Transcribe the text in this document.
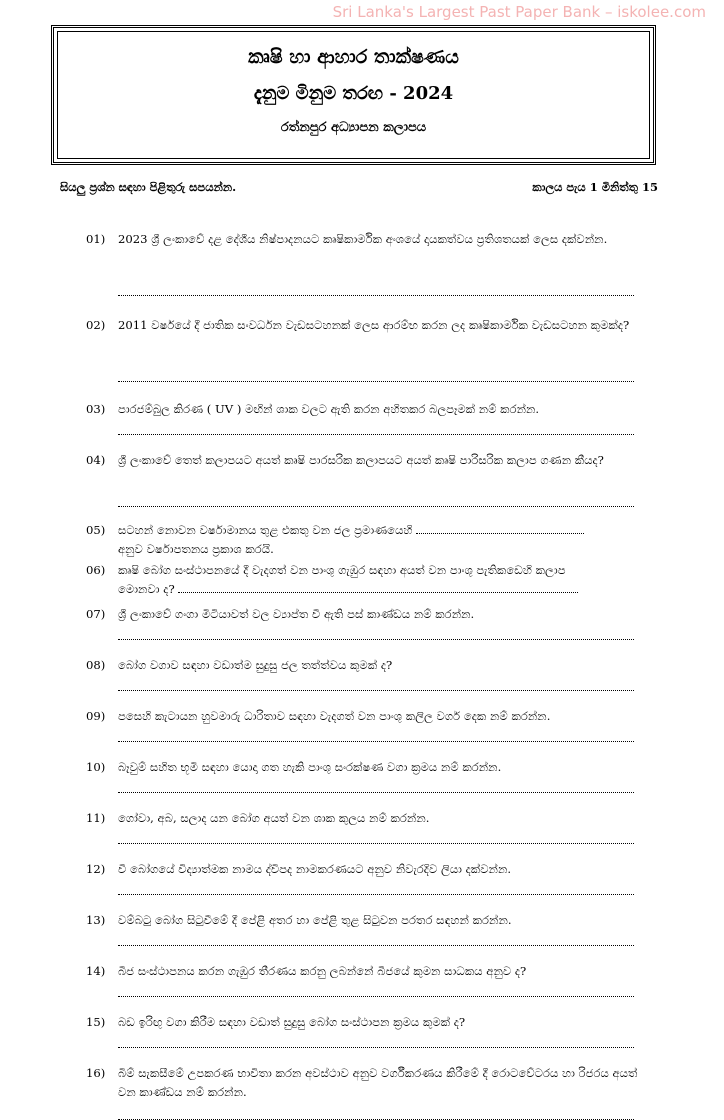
Sri Lanka's Largest Past Paper Bank – iskolee.com
කෘෂි හා ආහාර තාක්ෂණය
දැනුම මිනුම තරඟ - 2024
රත්නපුර අධ්‍යාපන කලාපය
සියලු ප්‍රශ්න සඳහා පිළිතුරු සපයන්න.	කාලය පැය 1 මිනිත්තු 15
01)	2023 ශ්‍රී ලංකාවේ දළ දේශීය නිෂ්පාදනයට කෘෂිකාර්මික අංශයේ දායකත්වය ප්‍රතිශතයක් ලෙස දක්වන්න.
02)	2011 වර්ෂයේ දී ජාතික සංවර්ධන වැඩසටහනක් ලෙස ආරම්භ කරන ලද කෘෂිකාර්මික වැඩසටහන කුමක්ද?
03)	පාරජම්බුල කිරණ ( UV ) මඟින් ශාක වලට ඇති කරන අහිතකර බලපෑමක් නම් කරන්න.
04)	ශ්‍රී ලංකාවේ තෙත් කලාපයට අයත් කෘෂි පාරසරික කලාපයට අයත් කෘෂි පාරිසරික කලාප ගණන කීයද?
05)	සටහන් නොවන වර්ෂාමානය තුළ එකතු වන ජල ප්‍රමාණයෙහි
අනුව වර්ෂාපතනය ප්‍රකාශ කරයි.
06)	කෘෂි බෝග සංස්ථාපනයේ දී වැදගත් වන පාංශු ගැඹුර සඳහා අයත් වන පාංශු පැතිකඩෙහි කලාප
මොනවා ද?
07)	ශ්‍රී ලංකාවේ ගංගා මිටියාවත් වල ව්‍යාප්ත වී ඇති පස් කාණ්ඩය නම් කරන්න.
08)	බෝග වගාව සඳහා වඩාත්ම සුදුසු ජල තත්ත්වය කුමක් ද?
09)	පසෙහි කැටායන හුවමාරු ධාරිතාව සඳහා වැදගත් වන පාංශු කලිල වර්ග දෙක නම් කරන්න.
10)	බෑවුම් සහිත භූමි සඳහා යොදා ගත හැකි පාංශු සංරක්ෂණ වගා ක්‍රමය නම් කරන්න.
11)	ගෝවා, අබ, සලාද යන බෝග අයත් වන ශාක කුලය නම් කරන්න.
12)	වී බෝගයේ විද්‍යාත්මක නාමය ද්විපද නාමකරණයට අනුව නිවැරදිව ලියා දක්වන්න.
13)	වම්බටු බෝග සිටුවීමේ දී පේළි අතර හා පේළි තුළ සිටුවන පරතර සඳහන් කරන්න.
14)	බීජ සංස්ථාපනය කරන ගැඹුර තීරණය කරනු ලබන්නේ බීජයේ කුමන සාධකය අනුව ද?
15)	බඩ ඉරිඟු වගා කිරීම සඳහා වඩාත් සුදුසු බෝග සංස්ථාපන ක්‍රමය කුමක් ද?
16)	බිම් සැකසීමේ උපකරණ භාවිතා කරන අවස්ථාව අනුව වර්ගීකරණය කිරීමේ දී රොටවේටරය හා රිජරය අයත් වන කාණ්ඩය නම් කරන්න.
